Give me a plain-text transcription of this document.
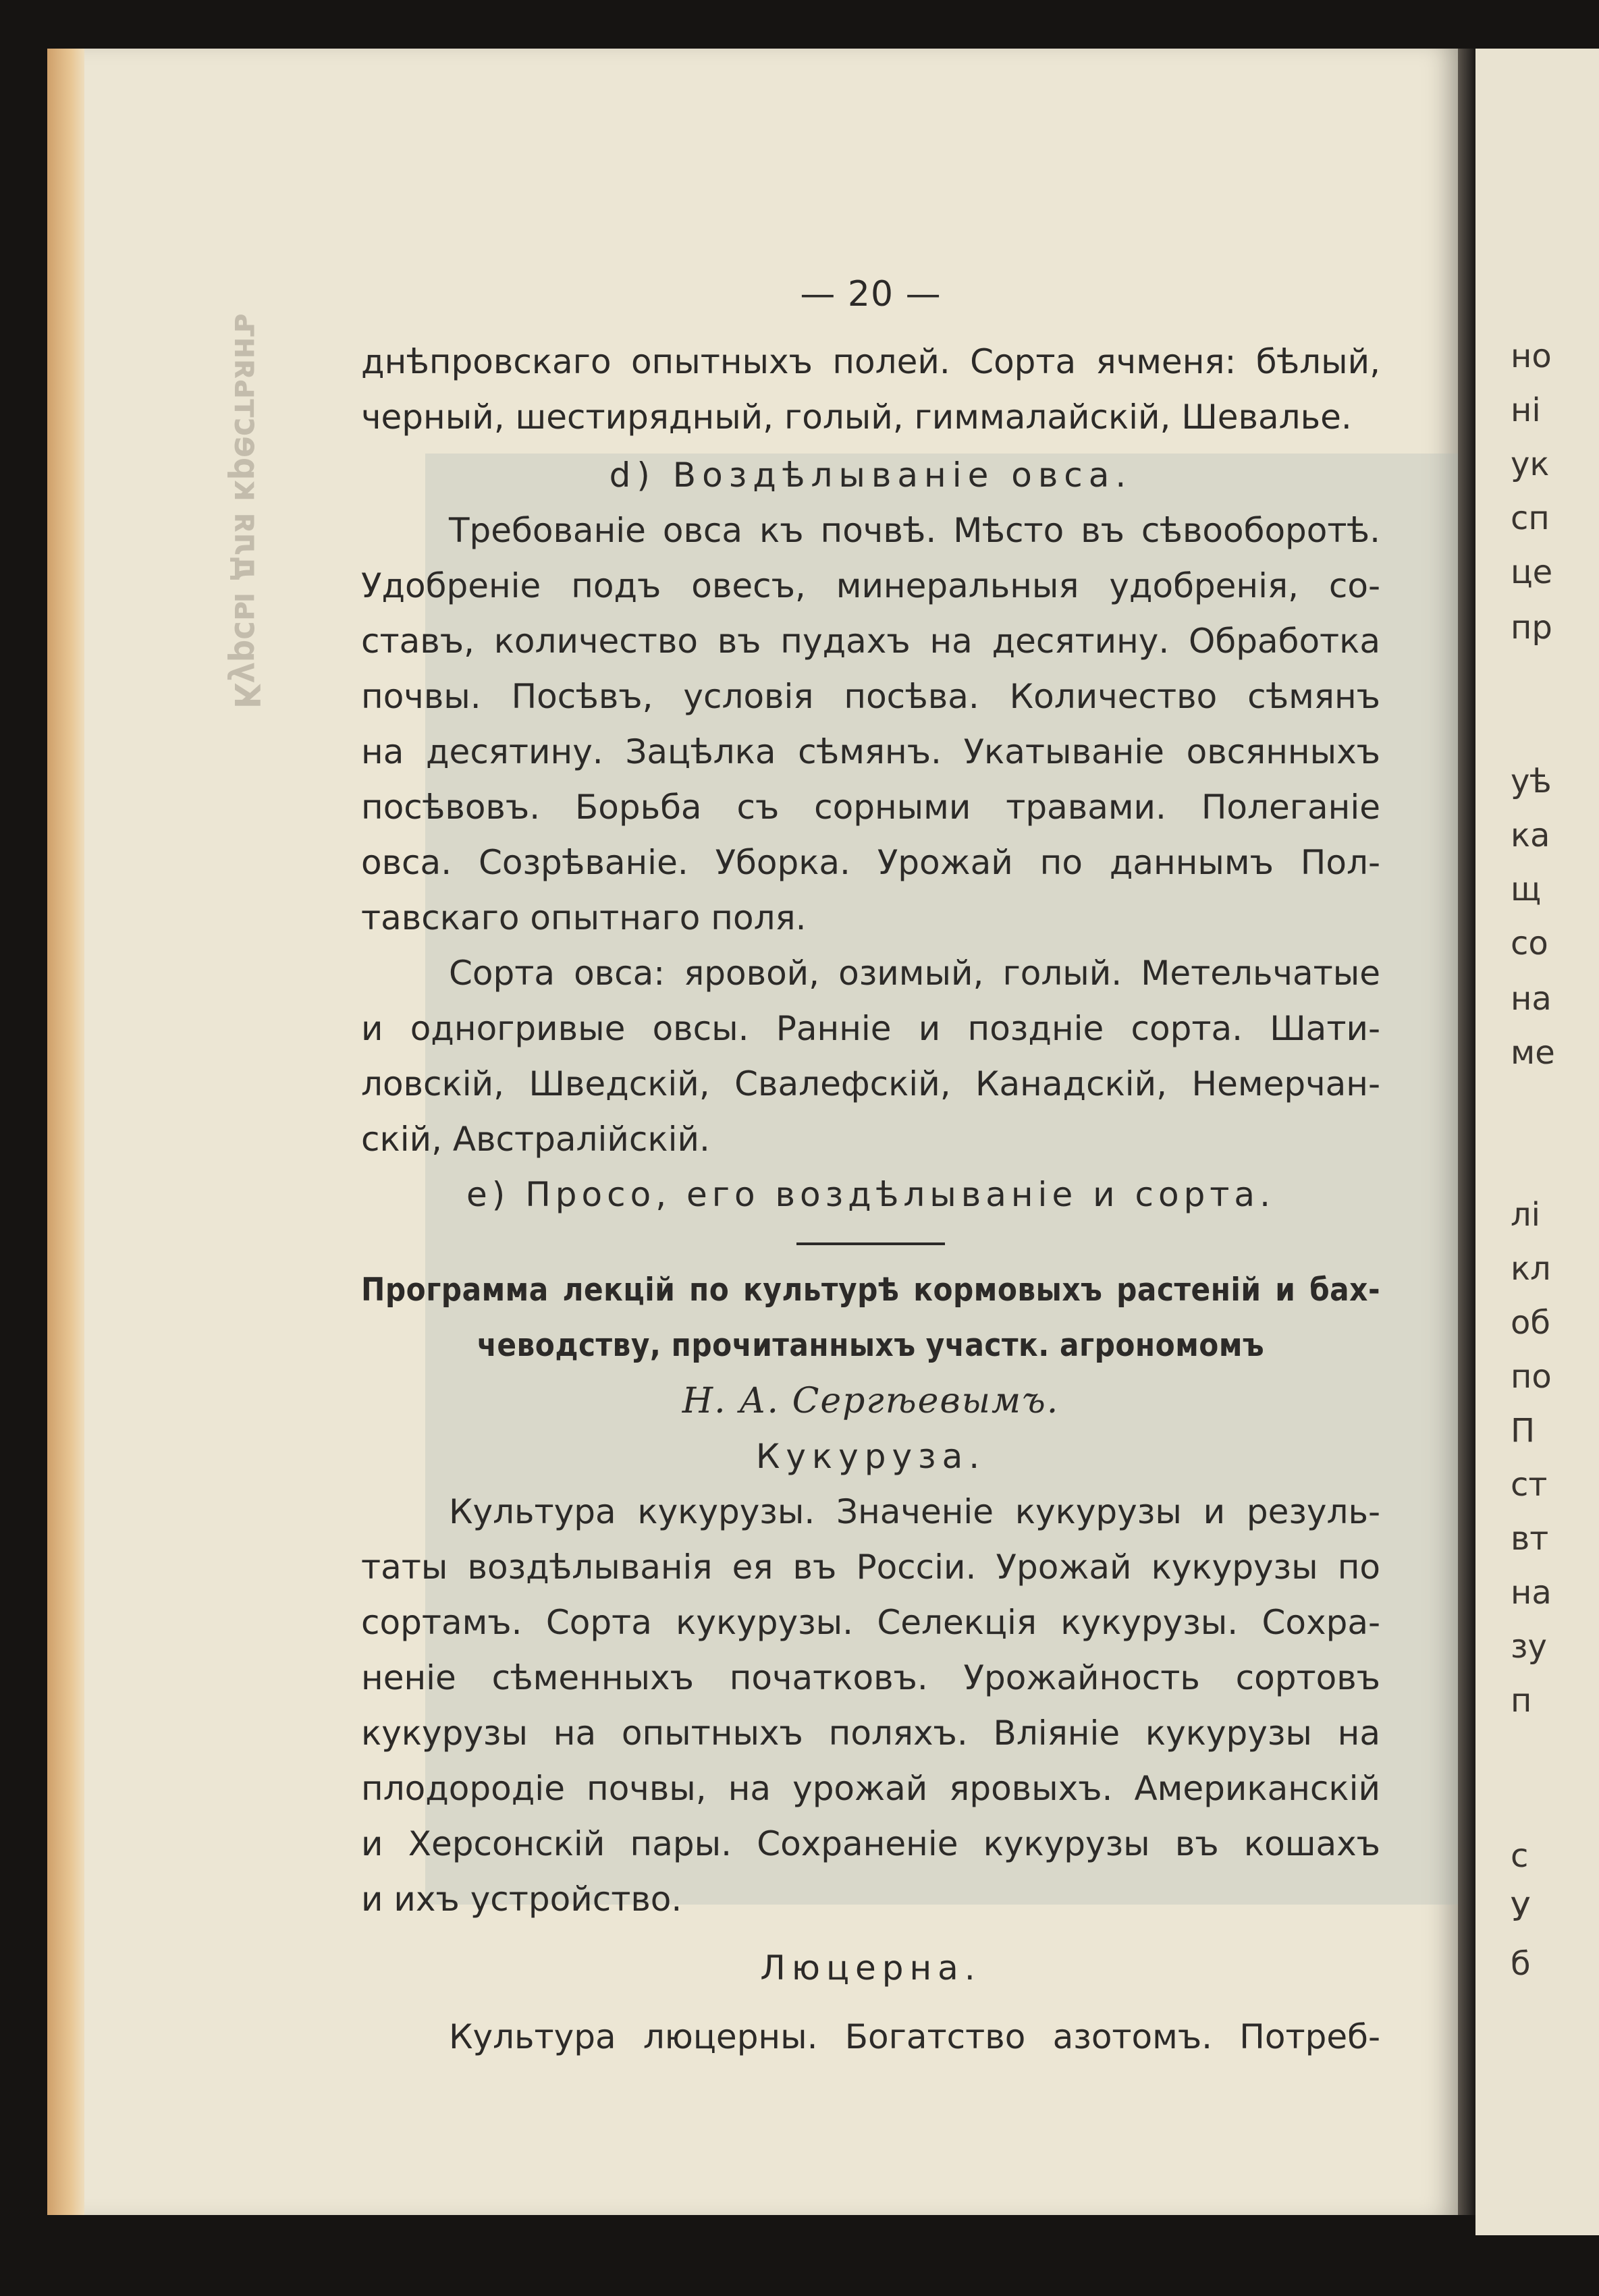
Курсы для крестьянъ	но
ні
ук
сп
це
пр
уѣ
ка
щ
со
на
ме
лі
кл
об
по
П
ст
вт
на
зу
п
с
У
б
— 20 —
днѣпровскаго опытныхъ полей. Сорта ячменя: бѣлый,
черный, шестирядный, голый, гиммалайскій, Шевалье.
d) Воздѣлываніе овса.
Требованіе овса къ почвѣ. Мѣсто въ сѣвооборотѣ.
Удобреніе подъ овесъ, минеральныя удобренія, со-
ставъ, количество въ пудахъ на десятину. Обработка
почвы. Посѣвъ, условія посѣва. Количество сѣмянъ
на десятину. Зацѣлка сѣмянъ. Укатываніе овсянныхъ
посѣвовъ. Борьба съ сорными травами. Полеганіе
овса. Созрѣваніе. Уборка. Урожай по даннымъ Пол-
тавскаго опытнаго поля.
Сорта овса: яровой, озимый, голый. Метельчатые
и одногривые овсы. Ранніе и поздніе сорта. Шати-
ловскій, Шведскій, Свалефскій, Канадскій, Немерчан-
скій, Австралійскій.
е) Просо, его воздѣлываніе и сорта.
Программа лекцій по культурѣ кормовыхъ растеній и бах-
чеводству, прочитанныхъ участк. агрономомъ
Н. А. Сергѣевымъ.
Кукуруза.
Культура кукурузы. Значеніе кукурузы и резуль-
таты воздѣлыванія ея въ Россіи. Урожай кукурузы по
сортамъ. Сорта кукурузы. Селекція кукурузы. Сохра-
неніе сѣменныхъ початковъ. Урожайность сортовъ
кукурузы на опытныхъ поляхъ. Вліяніе кукурузы на
плодородіе почвы, на урожай яровыхъ. Американскій
и Херсонскій пары. Сохраненіе кукурузы въ кошахъ
и ихъ устройство.
Люцерна.
Культура люцерны. Богатство азотомъ. Потреб-
